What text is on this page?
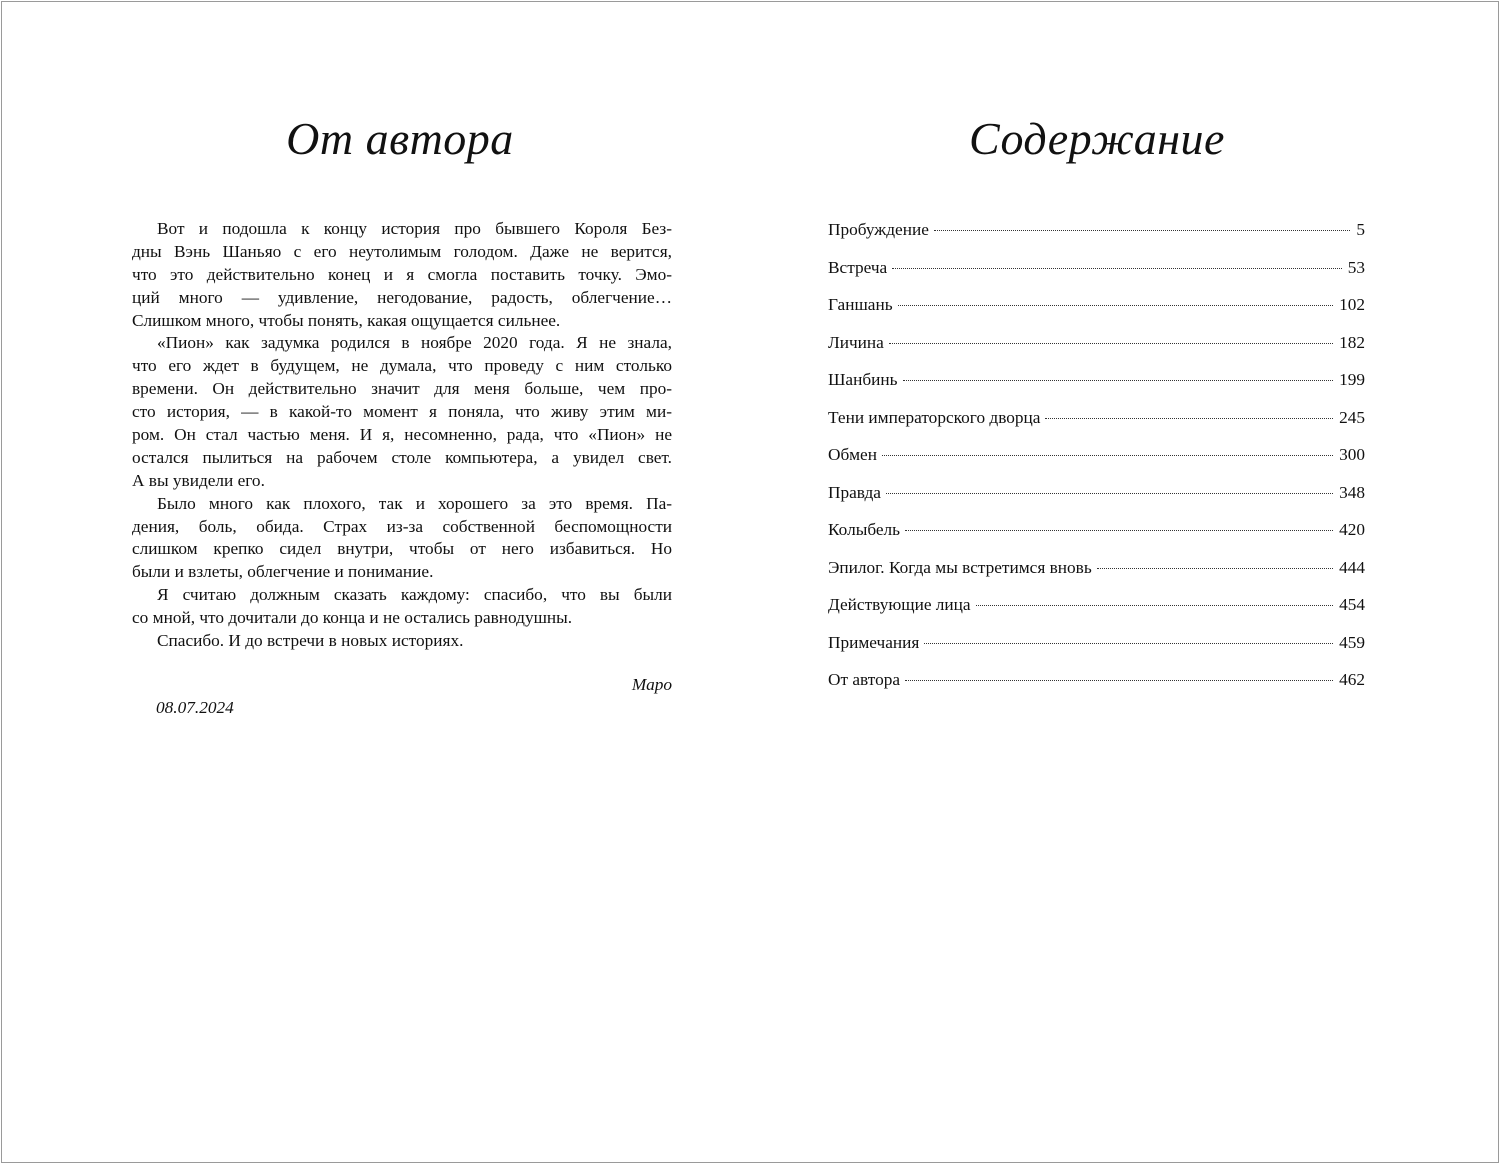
От автора
Вот и подошла к концу история про бывшего Короля Без-
дны Вэнь Шаньяо с его неутолимым голодом. Даже не верится,
что это действительно конец и я смогла поставить точку. Эмо-
ций много — удивление, негодование, радость, облегчение…
Слишком много, чтобы понять, какая ощущается сильнее.
«Пион» как задумка родился в ноябре 2020 года. Я не знала,
что его ждет в будущем, не думала, что проведу с ним столько
времени. Он действительно значит для меня больше, чем про-
сто история, — в какой-то момент я поняла, что живу этим ми-
ром. Он стал частью меня. И я, несомненно, рада, что «Пион» не
остался пылиться на рабочем столе компьютера, а увидел свет.
А вы увидели его.
Было много как плохого, так и хорошего за это время. Па-
дения, боль, обида. Страх из-за собственной беспомощности
слишком крепко сидел внутри, чтобы от него избавиться. Но
были и взлеты, облегчение и понимание.
Я считаю должным сказать каждому: спасибо, что вы были
со мной, что дочитали до конца и не остались равнодушны.
Спасибо. И до встречи в новых историях.
Маро
08.07.2024
Содержание
Пробуждение	5
Встреча	53
Ганшань	102
Личина	182
Шанбинь	199
Тени императорского дворца	245
Обмен	300
Правда	348
Колыбель	420
Эпилог. Когда мы встретимся вновь	444
Действующие лица	454
Примечания	459
От автора	462
